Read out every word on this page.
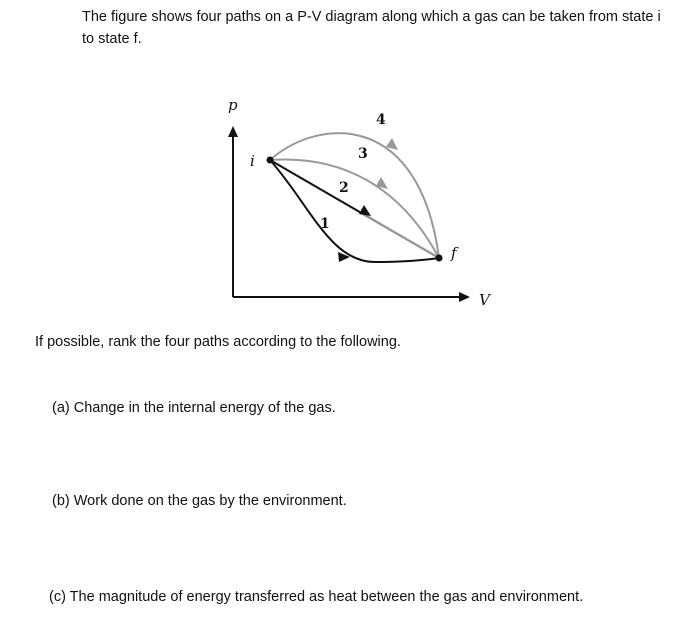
The figure shows four paths on a P-V diagram along which a gas can be taken from state i to state f.
p
V
i
f
1
2
3
4
If possible, rank the four paths according to the following.
(a) Change in the internal energy of the gas.
(b) Work done on the gas by the environment.
(c) The magnitude of energy transferred as heat between the gas and environment.
